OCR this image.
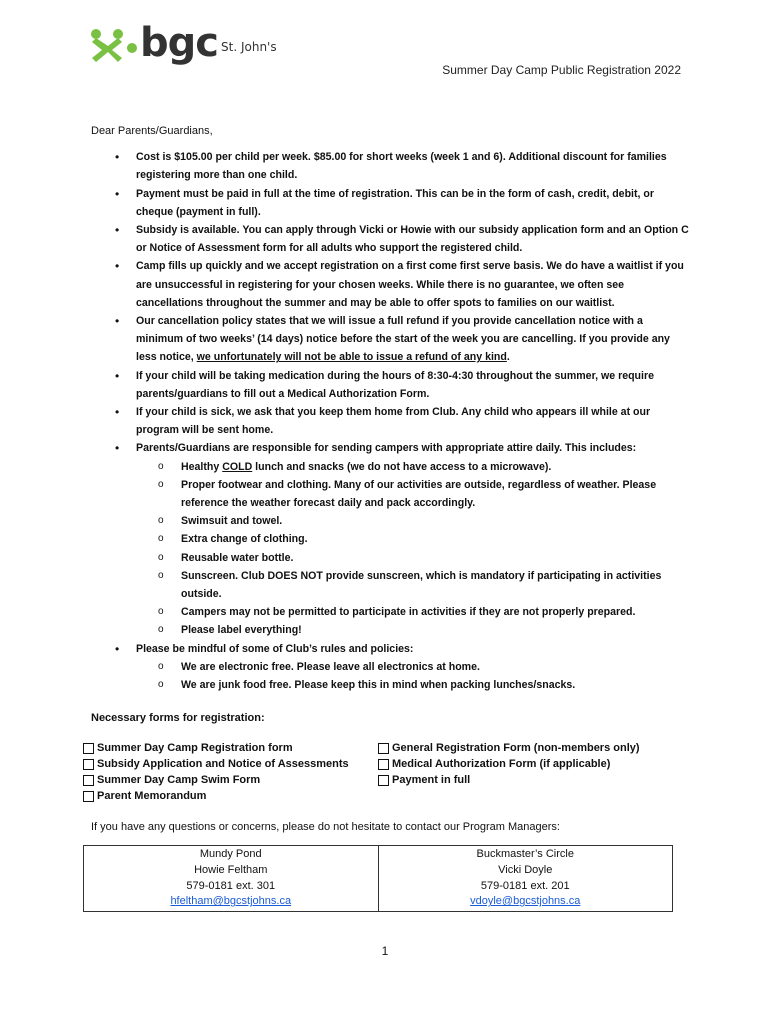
bgc St. John's
Summer Day Camp Public Registration 2022

Dear Parents/Guardians,

• Cost is $105.00 per child per week. $85.00 for short weeks (week 1 and 6). Additional discount for families registering more than one child.
• Payment must be paid in full at the time of registration. This can be in the form of cash, credit, debit, or cheque (payment in full).
• Subsidy is available. You can apply through Vicki or Howie with our subsidy application form and an Option C or Notice of Assessment form for all adults who support the registered child.
• Camp fills up quickly and we accept registration on a first come first serve basis. We do have a waitlist if you are unsuccessful in registering for your chosen weeks. While there is no guarantee, we often see cancellations throughout the summer and may be able to offer spots to families on our waitlist.
• Our cancellation policy states that we will issue a full refund if you provide cancellation notice with a minimum of two weeks’ (14 days) notice before the start of the week you are cancelling. If you provide any less notice, we unfortunately will not be able to issue a refund of any kind.
• If your child will be taking medication during the hours of 8:30-4:30 throughout the summer, we require parents/guardians to fill out a Medical Authorization Form.
• If your child is sick, we ask that you keep them home from Club. Any child who appears ill while at our program will be sent home.
• Parents/Guardians are responsible for sending campers with appropriate attire daily. This includes:
o Healthy COLD lunch and snacks (we do not have access to a microwave).
o Proper footwear and clothing. Many of our activities are outside, regardless of weather. Please reference the weather forecast daily and pack accordingly.
o Swimsuit and towel.
o Extra change of clothing.
o Reusable water bottle.
o Sunscreen. Club DOES NOT provide sunscreen, which is mandatory if participating in activities outside.
o Campers may not be permitted to participate in activities if they are not properly prepared.
o Please label everything!
• Please be mindful of some of Club’s rules and policies:
o We are electronic free. Please leave all electronics at home.
o We are junk food free. Please keep this in mind when packing lunches/snacks.
Necessary forms for registration:
Summer Day Camp Registration form
Subsidy Application and Notice of Assessments
Summer Day Camp Swim Form
Parent Memorandum
General Registration Form (non-members only)
Medical Authorization Form (if applicable)
Payment in full
If you have any questions or concerns, please do not hesitate to contact our Program Managers:
Mundy Pond
Howie Feltham
579-0181 ext. 301
hfeltham@bgcstjohns.ca

Buckmaster’s Circle
Vicki Doyle
579-0181 ext. 201
vdoyle@bgcstjohns.ca
1
